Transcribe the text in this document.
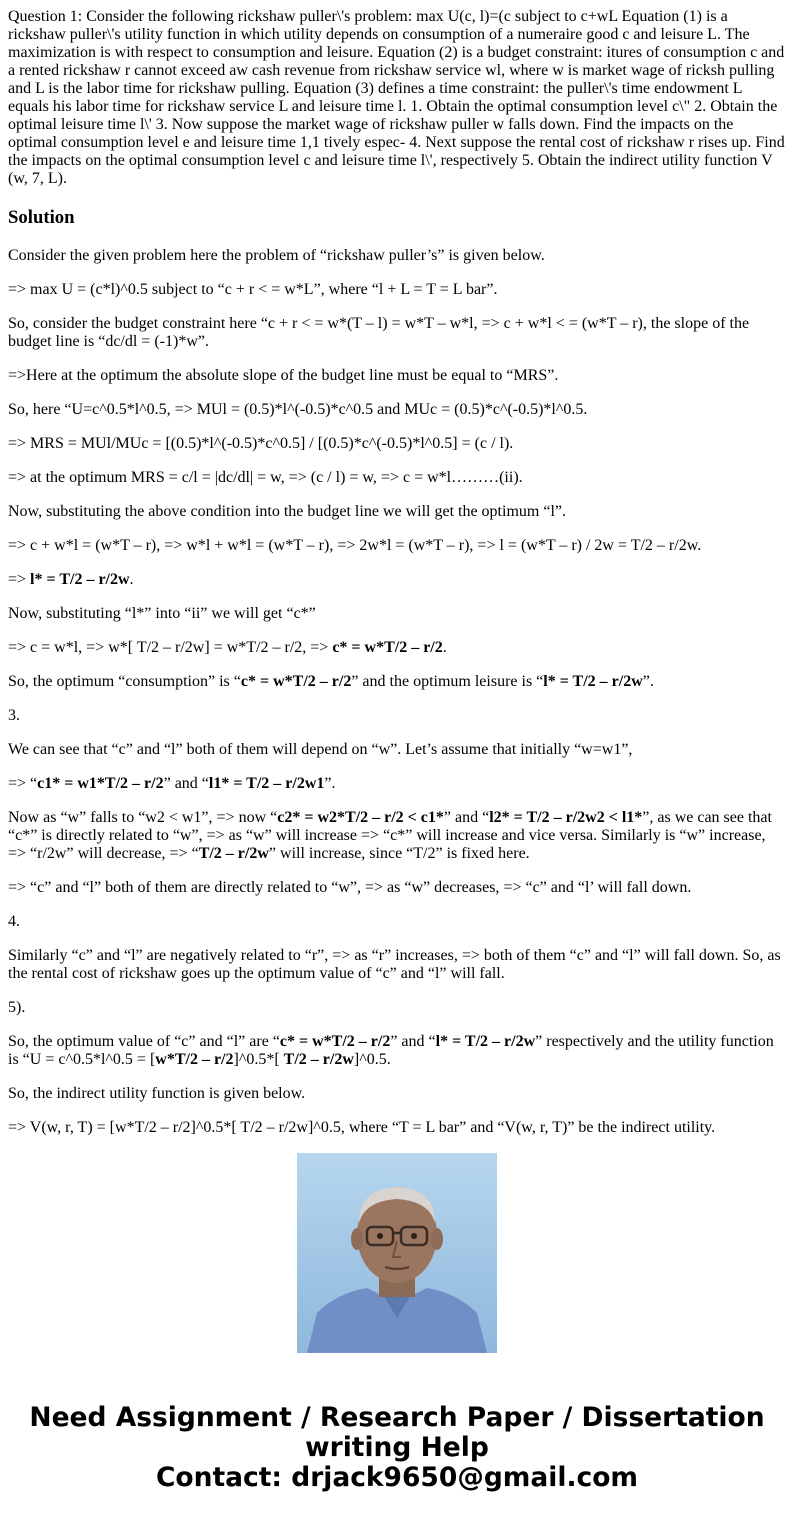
Question 1: Consider the following rickshaw puller\'s problem: max U(c, l)=(c subject to c+wL Equation (1) is a rickshaw puller\'s utility function in which utility depends on consumption of a numeraire good c and leisure L. The maximization is with respect to consumption and leisure. Equation (2) is a budget constraint: itures of consumption c and a rented rickshaw r cannot exceed aw cash revenue from rickshaw service wl, where w is market wage of ricksh pulling and L is the labor time for rickshaw pulling. Equation (3) defines a time constraint: the puller\'s time endowment L equals his labor time for rickshaw service L and leisure time l. 1. Obtain the optimal consumption level c\" 2. Obtain the optimal leisure time l\' 3. Now suppose the market wage of rickshaw puller w falls down. Find the impacts on the optimal consumption level e and leisure time 1,1 tively espec- 4. Next suppose the rental cost of rickshaw r rises up. Find the impacts on the optimal consumption level c and leisure time l\', respectively 5. Obtain the indirect utility function V (w, 7, L).

Solution

Consider the given problem here the problem of “rickshaw puller’s” is given below.

=> max U = (c*l)^0.5 subject to “c + r < = w*L”, where “l + L = T = L bar”.

So, consider the budget constraint here “c + r < = w*(T – l) = w*T – w*l, => c + w*l < = (w*T – r), the slope of the budget line is “dc/dl = (-1)*w”.

=>Here at the optimum the absolute slope of the budget line must be equal to “MRS”.

So, here “U=c^0.5*l^0.5, => MUl = (0.5)*l^(-0.5)*c^0.5 and MUc = (0.5)*c^(-0.5)*l^0.5.

=> MRS = MUl/MUc = [(0.5)*l^(-0.5)*c^0.5] / [(0.5)*c^(-0.5)*l^0.5] = (c / l).

=> at the optimum MRS = c/l = |dc/dl| = w, => (c / l) = w, => c = w*l………(ii).

Now, substituting the above condition into the budget line we will get the optimum “l”.

=> c + w*l = (w*T – r), => w*l + w*l = (w*T – r), => 2w*l = (w*T – r), => l = (w*T – r) / 2w = T/2 – r/2w.

=> l* = T/2 – r/2w.

Now, substituting “l*” into “ii” we will get “c*”

=> c = w*l, => w*[ T/2 – r/2w] = w*T/2 – r/2, => c* = w*T/2 – r/2.

So, the optimum “consumption” is “c* = w*T/2 – r/2” and the optimum leisure is “l* = T/2 – r/2w”.

3.

We can see that “c” and “l” both of them will depend on “w”. Let’s assume that initially “w=w1”,

=> “c1* = w1*T/2 – r/2” and “l1* = T/2 – r/2w1”.

Now as “w” falls to “w2 < w1”, => now “c2* = w2*T/2 – r/2 < c1*” and “l2* = T/2 – r/2w2 < l1*”, as we can see that “c*” is directly related to “w”, => as “w” will increase => “c*” will increase and vice versa. Similarly is “w” increase, => “r/2w” will decrease, => “T/2 – r/2w” will increase, since “T/2” is fixed here.

=> “c” and “l” both of them are directly related to “w”, => as “w” decreases, => “c” and “l’ will fall down.

4.

Similarly “c” and “l” are negatively related to “r”, => as “r” increases, => both of them “c” and “l” will fall down. So, as the rental cost of rickshaw goes up the optimum value of “c” and “l” will fall.

5).

So, the optimum value of “c” and “l” are “c* = w*T/2 – r/2” and “l* = T/2 – r/2w” respectively and the utility function is “U = c^0.5*l^0.5 = [w*T/2 – r/2]^0.5*[ T/2 – r/2w]^0.5.

So, the indirect utility function is given below.

=> V(w, r, T) = [w*T/2 – r/2]^0.5*[ T/2 – r/2w]^0.5, where “T = L bar” and “V(w, r, T)” be the indirect utility.

Need Assignment / Research Paper / Dissertation
writing Help
Contact: drjack9650@gmail.com
